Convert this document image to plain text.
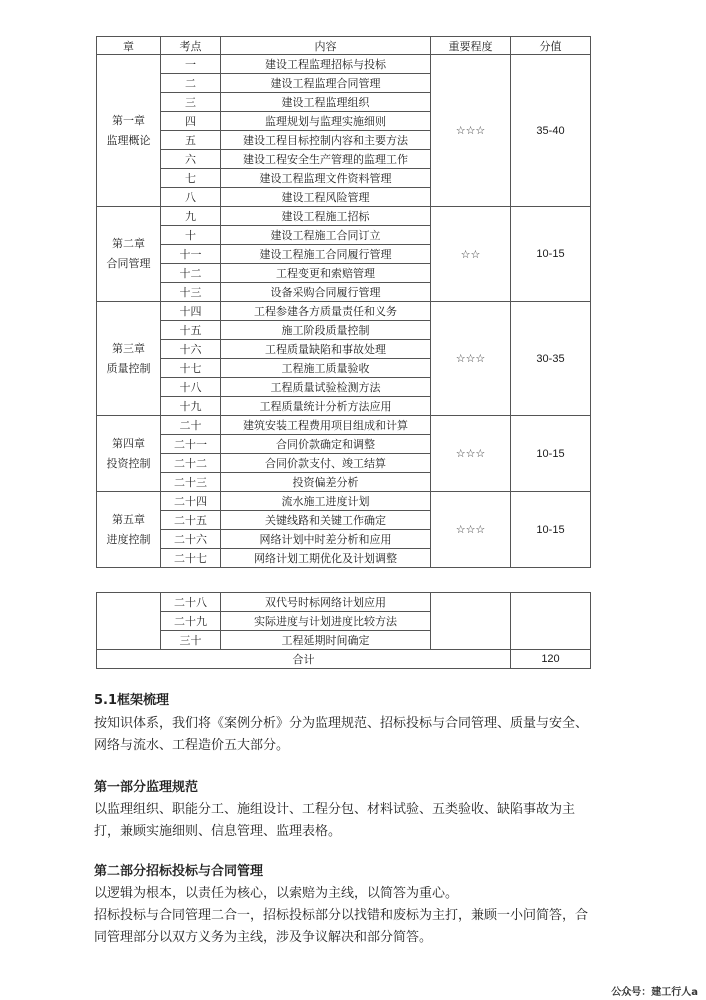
章	考点	内容	重要程度	分值

第一章
监理概论	一	建设工程监理招标与投标	☆☆☆	35-40
	二	建设工程监理合同管理		
	三	建设工程监理组织		
	四	监理规划与监理实施细则		
	五	建设工程目标控制内容和主要方法		
	六	建设工程安全生产管理的监理工作		
	七	建设工程监理文件资料管理		
	八	建设工程风险管理		

第二章
合同管理	九	建设工程施工招标	☆☆	10-15
	十	建设工程施工合同订立		
	十一	建设工程施工合同履行管理		
	十二	工程变更和索赔管理		
	十三	设备采购合同履行管理		

第三章
质量控制	十四	工程参建各方质量责任和义务	☆☆☆	30-35
	十五	施工阶段质量控制		
	十六	工程质量缺陷和事故处理		
	十七	工程施工质量验收		
	十八	工程质量试验检测方法		
	十九	工程质量统计分析方法应用		

第四章
投资控制	二十	建筑安装工程费用项目组成和计算	☆☆☆	10-15
	二十一	合同价款确定和调整		
	二十二	合同价款支付、竣工结算		
	二十三	投资偏差分析		

第五章
进度控制	二十四	流水施工进度计划	☆☆☆	10-15
	二十五	关键线路和关键工作确定		
	二十六	网络计划中时差分析和应用		
	二十七	网络计划工期优化及计划调整		
	二十八	双代号时标网络计划应用		
	二十九	实际进度与计划进度比较方法		
	三十	工程延期时间确定		
合计				120
5.1框架梳理
按知识体系，我们将《案例分析》分为监理规范、招标投标与合同管理、质量与安全、
网络与流水、工程造价五大部分。
第一部分监理规范
以监理组织、职能分工、施组设计、工程分包、材料试验、五类验收、缺陷事故为主
打，兼顾实施细则、信息管理、监理表格。
第二部分招标投标与合同管理
以逻辑为根本，以责任为核心，以索赔为主线，以简答为重心。
招标投标与合同管理二合一，招标投标部分以找错和废标为主打，兼顾一小问简答，合
同管理部分以双方义务为主线，涉及争议解决和部分简答。
公众号：建工行人a
